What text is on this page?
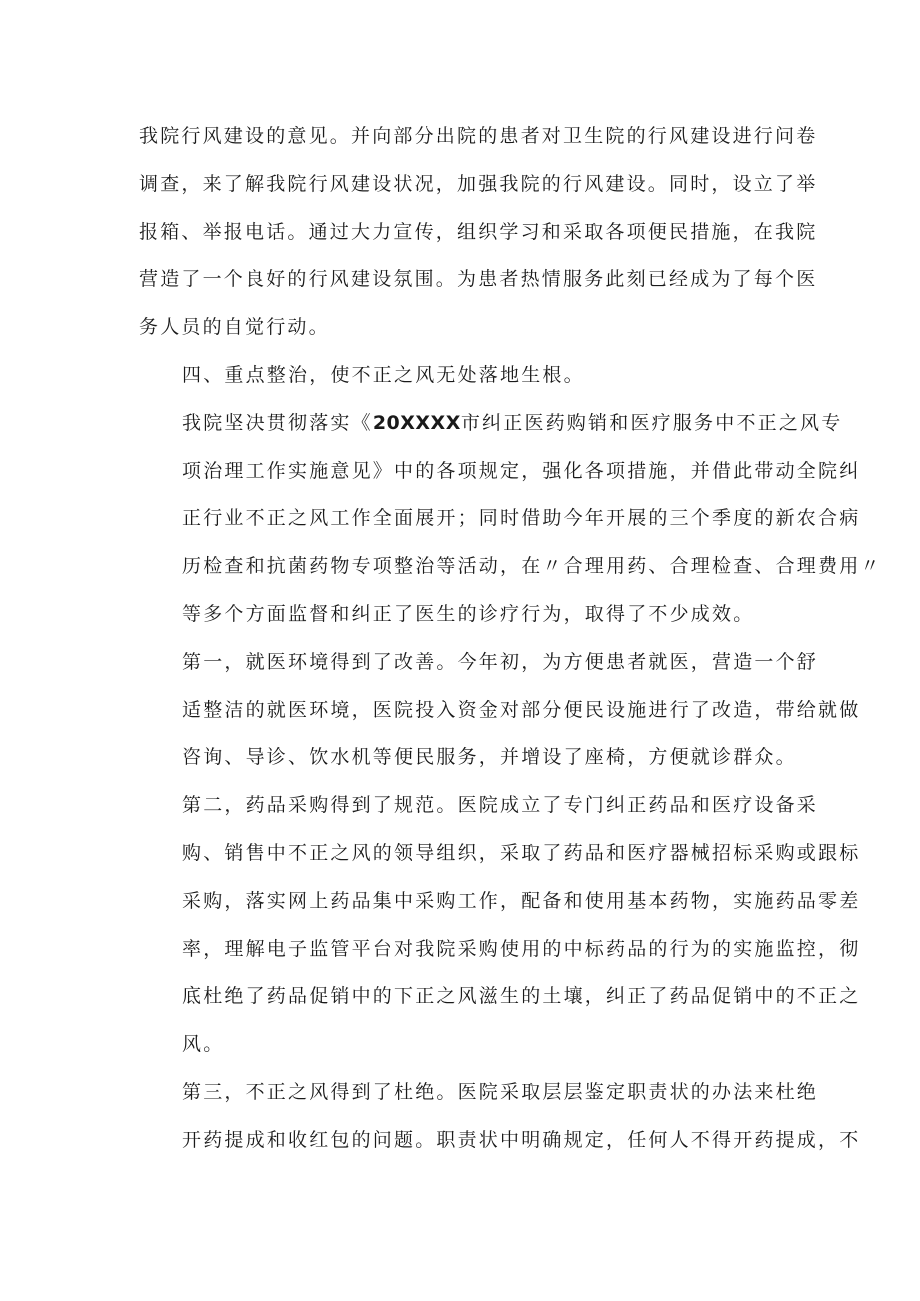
我院行风建设的意见。并向部分出院的患者对卫生院的行风建设进行问卷
调查，来了解我院行风建设状况，加强我院的行风建设。同时，设立了举
报箱、举报电话。通过大力宣传，组织学习和采取各项便民措施，在我院
营造了一个良好的行风建设氛围。为患者热情服务此刻已经成为了每个医
务人员的自觉行动。
四、重点整治，使不正之风无处落地生根。
我院坚决贯彻落实《20XXXX市纠正医药购销和医疗服务中不正之风专
项治理工作实施意见》中的各项规定，强化各项措施，并借此带动全院纠
正行业不正之风工作全面展开；同时借助今年开展的三个季度的新农合病
历检查和抗菌药物专项整治等活动，在〃合理用药、合理检查、合理费用〃
等多个方面监督和纠正了医生的诊疗行为，取得了不少成效。
第一，就医环境得到了改善。今年初，为方便患者就医，营造一个舒
适整洁的就医环境，医院投入资金对部分便民设施进行了改造，带给就做
咨询、导诊、饮水机等便民服务，并增设了座椅，方便就诊群众。
第二，药品采购得到了规范。医院成立了专门纠正药品和医疗设备采
购、销售中不正之风的领导组织，采取了药品和医疗器械招标采购或跟标
采购，落实网上药品集中采购工作，配备和使用基本药物，实施药品零差
率，理解电子监管平台对我院采购使用的中标药品的行为的实施监控，彻
底杜绝了药品促销中的下正之风滋生的土壤，纠正了药品促销中的不正之
风。
第三，不正之风得到了杜绝。医院采取层层鉴定职责状的办法来杜绝
开药提成和收红包的问题。职责状中明确规定，任何人不得开药提成，不
